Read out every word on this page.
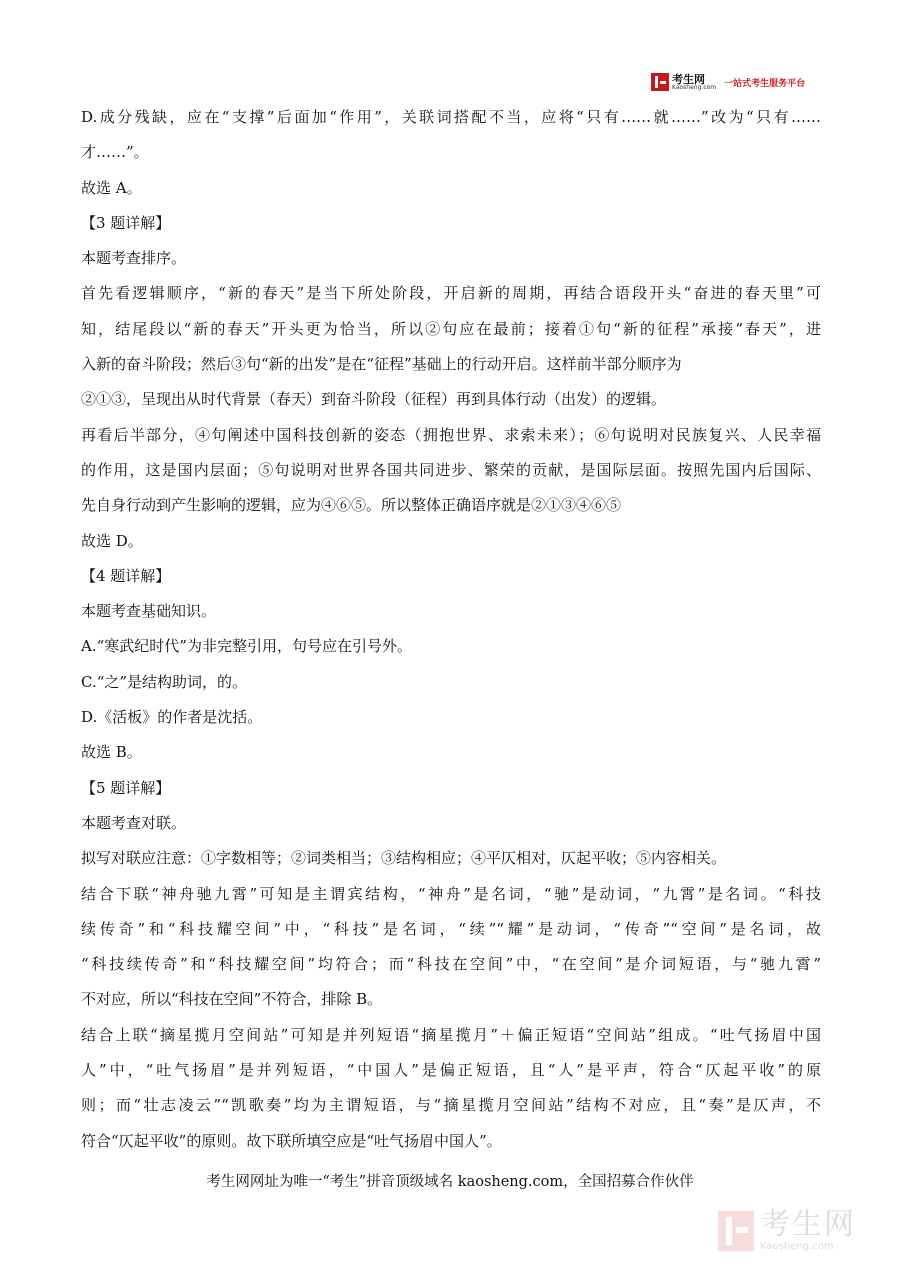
考生网
Kaosheng.com 一站式考生服务平台
D.成分残缺，应在“支撑”后面加“作用”，关联词搭配不当，应将“只有……就……”改为“只有……
才……”。
故选 A。
【3 题详解】
本题考查排序。
首先看逻辑顺序，“新的春天”是当下所处阶段，开启新的周期，再结合语段开头“奋进的春天里”可
知，结尾段以“新的春天”开头更为恰当，所以②句应在最前；接着①句“新的征程”承接“春天”，进
入新的奋斗阶段；然后③句“新的出发”是在“征程”基础上的行动开启。这样前半部分顺序为
②①③，呈现出从时代背景（春天）到奋斗阶段（征程）再到具体行动（出发）的逻辑。
再看后半部分，④句阐述中国科技创新的姿态（拥抱世界、求索未来）；⑥句说明对民族复兴、人民幸福
的作用，这是国内层面；⑤句说明对世界各国共同进步、繁荣的贡献，是国际层面。按照先国内后国际、
先自身行动到产生影响的逻辑，应为④⑥⑤。所以整体正确语序就是②①③④⑥⑤
故选 D。
【4 题详解】
本题考查基础知识。
A.“寒武纪时代”为非完整引用，句号应在引号外。
C.“之”是结构助词，的。
D.《活板》的作者是沈括。
故选 B。
【5 题详解】
本题考查对联。
拟写对联应注意：①字数相等；②词类相当；③结构相应；④平仄相对，仄起平收；⑤内容相关。
结合下联“神舟驰九霄”可知是主谓宾结构，“神舟”是名词，“驰”是动词，“九霄”是名词。“科技
续传奇”和“科技耀空间”中，“科技”是名词，“续”“耀”是动词，“传奇”“空间”是名词，故
“科技续传奇”和“科技耀空间”均符合；而“科技在空间”中，“在空间”是介词短语，与“驰九霄”
不对应，所以“科技在空间”不符合，排除 B。
结合上联“摘星揽月空间站”可知是并列短语“摘星揽月”＋偏正短语“空间站”组成。“吐气扬眉中国
人”中，“吐气扬眉”是并列短语，“中国人”是偏正短语，且“人”是平声，符合“仄起平收”的原
则；而“壮志凌云”“凯歌奏”均为主谓短语，与“摘星揽月空间站”结构不对应，且“奏”是仄声，不
符合“仄起平收”的原则。故下联所填空应是“吐气扬眉中国人”。
考生网网址为唯一“考生”拼音顶级域名 kaosheng.com，全国招募合作伙伴
考生网
Kaosheng.com
